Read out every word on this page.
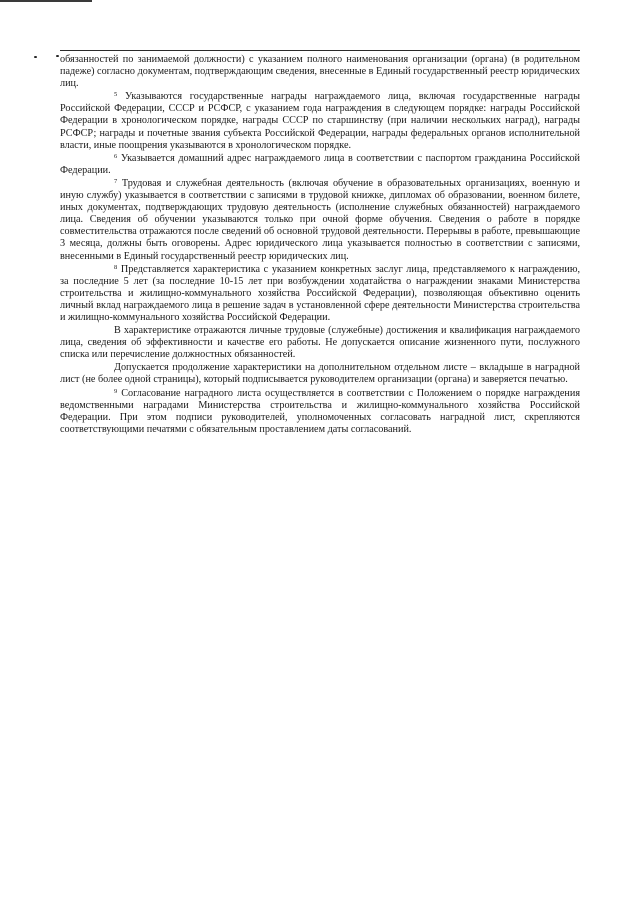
обязанностей по занимаемой должности) с указанием полного наименования организации (органа) (в родительном падеже) согласно документам, подтверждающим сведения, внесенные в Единый государственный реестр юридических лиц.

$^5$ Указываются государственные награды награждаемого лица, включая государственные награды Российской Федерации, СССР и РСФСР, с указанием года награждения в следующем порядке: награды Российской Федерации в хронологическом порядке, награды СССР по старшинству (при наличии нескольких наград), награды РСФСР; награды и почетные звания субъекта Российской Федерации, награды федеральных органов исполнительной власти, иные поощрения указываются в хронологическом порядке.

$^6$ Указывается домашний адрес награждаемого лица в соответствии с паспортом гражданина Российской Федерации.

$^7$ Трудовая и служебная деятельность (включая обучение в образовательных организациях, военную и иную службу) указывается в соответствии с записями в трудовой книжке, дипломах об образовании, военном билете, иных документах, подтверждающих трудовую деятельность (исполнение служебных обязанностей) награждаемого лица. Сведения об обучении указываются только при очной форме обучения. Сведения о работе в порядке совместительства отражаются после сведений об основной трудовой деятельности. Перерывы в работе, превышающие 3 месяца, должны быть оговорены. Адрес юридического лица указывается полностью в соответствии с записями, внесенными в Единый государственный реестр юридических лиц.

$^8$ Представляется характеристика с указанием конкретных заслуг лица, представляемого к награждению, за последние 5 лет (за последние 10-15 лет при возбуждении ходатайства о награждении знаками Министерства строительства и жилищно-коммунального хозяйства Российской Федерации), позволяющая объективно оценить личный вклад награждаемого лица в решение задач в установленной сфере деятельности Министерства строительства и жилищно-коммунального хозяйства Российской Федерации.

В характеристике отражаются личные трудовые (служебные) достижения и квалификация награждаемого лица, сведения об эффективности и качестве его работы. Не допускается описание жизненного пути, послужного списка или перечисление должностных обязанностей.

Допускается продолжение характеристики на дополнительном отдельном листе – вкладыше в наградной лист (не более одной страницы), который подписывается руководителем организации (органа) и заверяется печатью.

$^9$ Согласование наградного листа осуществляется в соответствии с Положением о порядке награждения ведомственными наградами Министерства строительства и жилищно-коммунального хозяйства Российской Федерации. При этом подписи руководителей, уполномоченных согласовать наградной лист, скрепляются соответствующими печатями с обязательным проставлением даты согласований.
